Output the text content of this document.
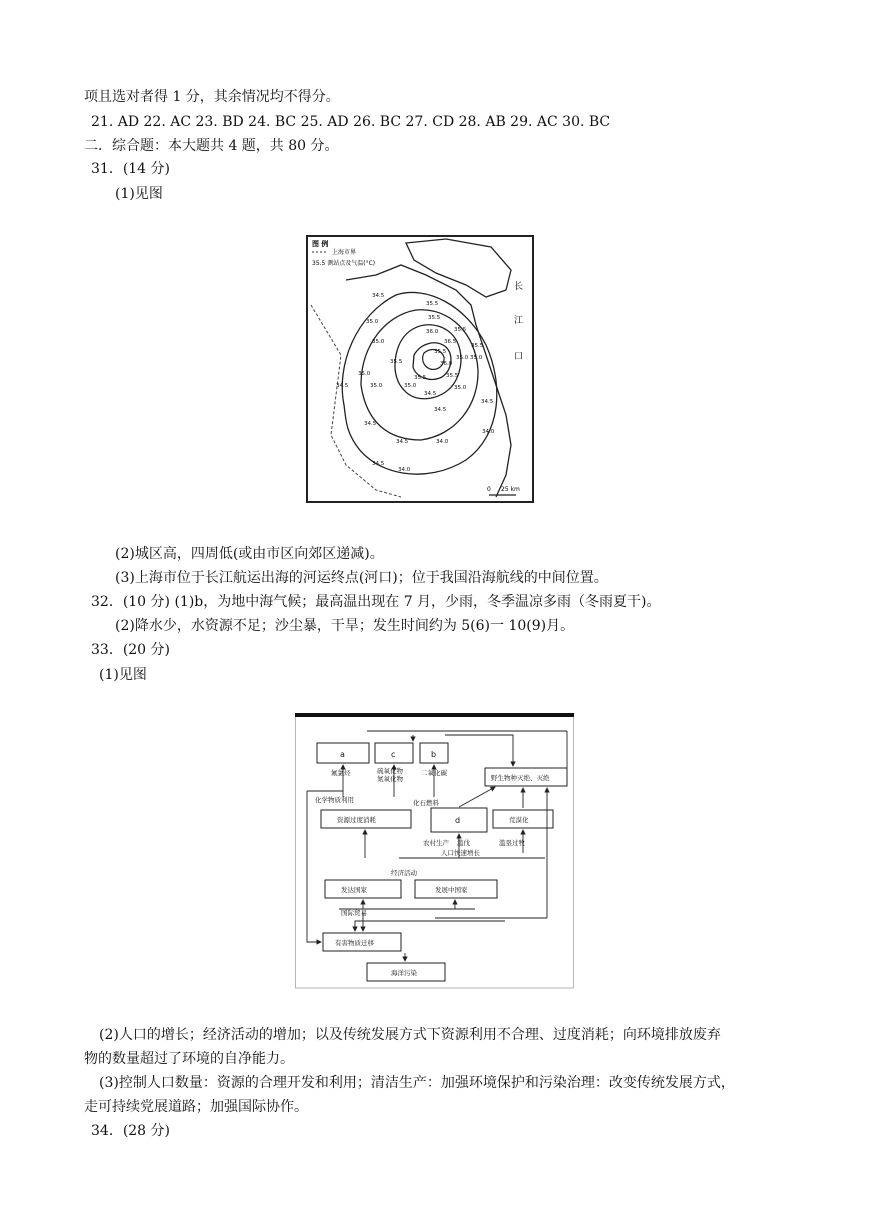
项且选对者得 1 分，其余情况均不得分。
21. AD 22. AC 23. BD 24. BC 25. AD 26. BC 27. CD 28. AB 29. AC 30. BC
二．综合题：本大题共 4 题，共 80 分。
31．(14 分)
(1)见图
图 例
上海市界
35.5 测站点及气温(°C)
长
江
口
0 25 km
34.5
35.0
35.5
35.0
35.5
36.0	35.5
35.5
36.5
35.5
35.0
35.5
35.0
36.0
35.5	35.5
35.0
34.5
35.0
35.0	35.0
34.5
34.5
34.5
34.0
34.5	34.0
34.5
34.0
34.5
(2)城区高，四周低(或由市区向郊区递减)。
(3)上海市位于长江航运出海的河运终点(河口)；位于我国沿海航线的中间位置。
32．(10 分) (1)b，为地中海气候；最高温出现在 7 月，少雨，冬季温凉多雨（冬雨夏干)。
(2)降水少，水资源不足；沙尘暴，干旱；发生时间约为 5(6)一 10(9)月。
33．(20 分)
(1)见图
a	c	b
d
野生物种灭绝、灭绝
资源过度消耗	荒漠化
发达国家	发展中国家
有害物质迁移
海洋污染
氟氯烃	硫氧化物
氮氧化物
二氧化碳
化学物质利用	化石燃料
农村生产 滥伐	滥垦过牧
人口快速增长
经济活动
国际贸易
(2)人口的增长；经济活动的增加；以及传统发展方式下资源利用不合理、过度消耗；向环境排放废弃
物的数量超过了环境的自净能力。
(3)控制人口数量：资源的合理开发和利用；清洁生产：加强环境保护和污染治理：改变传统发展方式，
走可持续党展道路；加强国际协作。
34．(28 分)
